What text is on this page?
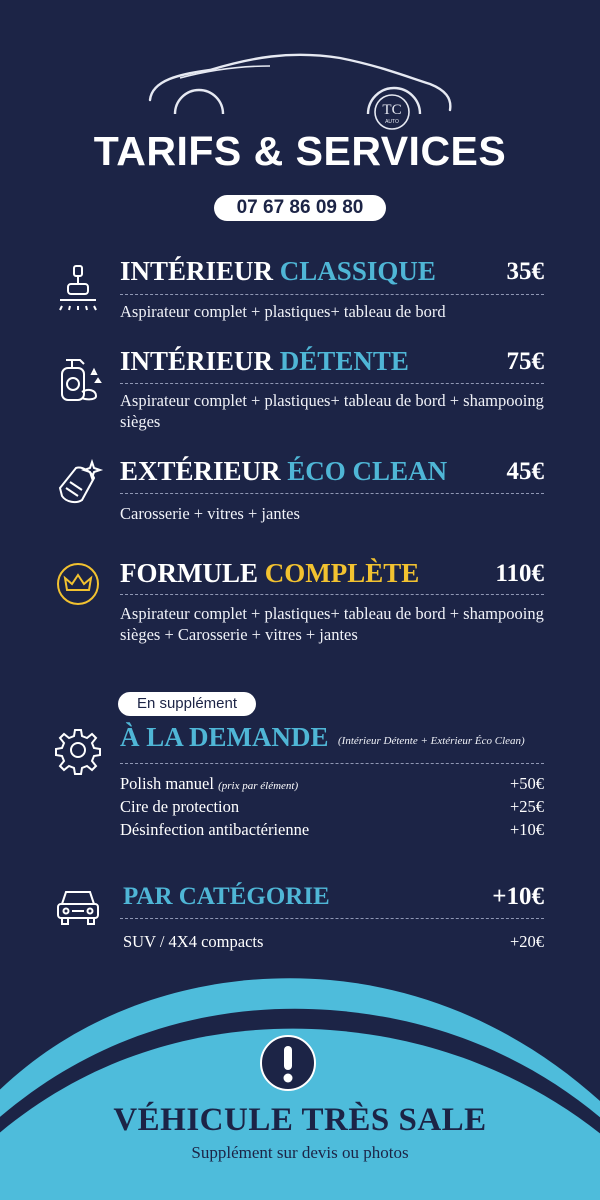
TC
AUTO
TARIFS & SERVICES
07 67 86 09 80
INTÉRIEUR CLASSIQUE	35€
Aspirateur complet + plastiques+ tableau de bord
INTÉRIEUR DÉTENTE	75€
Aspirateur complet + plastiques+ tableau de bord + shampooing sièges
EXTÉRIEUR ÉCO CLEAN 45€
Carosserie + vitres + jantes
FORMULE COMPLÈTE	110€
Aspirateur complet + plastiques+ tableau de bord + shampooing sièges + Carosserie + vitres + jantes
En supplément
À LA DEMANDE (Intérieur Détente + Extérieur Éco Clean)
Polish manuel (prix par élément)	+50€
Cire de protection	+25€
Désinfection antibactérienne	+10€
PAR CATÉGORIE	+10€
SUV / 4X4 compacts	+20€
VÉHICULE TRÈS SALE
Supplément sur devis ou photos
